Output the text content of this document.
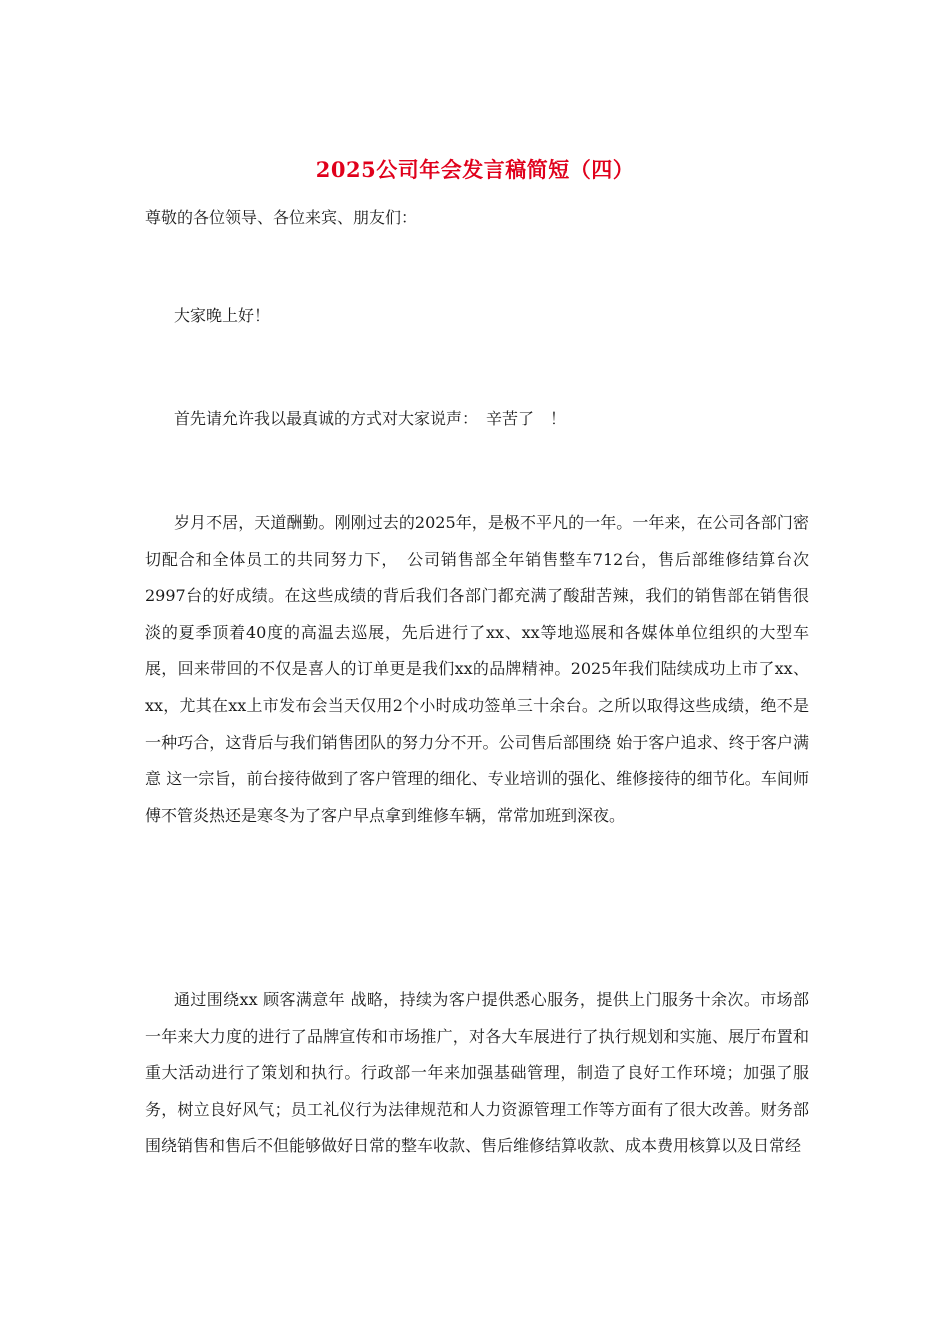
2025公司年会发言稿简短（四）

尊敬的各位领导、各位来宾、朋友们：

大家晚上好！

首先请允许我以最真诚的方式对大家说声：　辛苦了　！

岁月不居，天道酬勤。刚刚过去的2025年，是极不平凡的一年。一年来，在公司各部门密切配合和全体员工的共同努力下，　公司销售部全年销售整车712台，售后部维修结算台次2997台的好成绩。在这些成绩的背后我们各部门都充满了酸甜苦辣，我们的销售部在销售很淡的夏季顶着40度的高温去巡展，先后进行了xx、xx等地巡展和各媒体单位组织的大型车展，回来带回的不仅是喜人的订单更是我们xx的品牌精神。2025年我们陆续成功上市了xx、xx，尤其在xx上市发布会当天仅用2个小时成功签单三十余台。之所以取得这些成绩，绝不是一种巧合，这背后与我们销售团队的努力分不开。公司售后部围绕 始于客户追求、终于客户满意 这一宗旨，前台接待做到了客户管理的细化、专业培训的强化、维修接待的细节化。车间师傅不管炎热还是寒冬为了客户早点拿到维修车辆，常常加班到深夜。

通过围绕xx 顾客满意年 战略，持续为客户提供悉心服务，提供上门服务十余次。市场部一年来大力度的进行了品牌宣传和市场推广，对各大车展进行了执行规划和实施、展厅布置和重大活动进行了策划和执行。行政部一年来加强基础管理，制造了良好工作环境；加强了服务，树立良好风气；员工礼仪行为法律规范和人力资源管理工作等方面有了很大改善。财务部围绕销售和售后不但能够做好日常的整车收款、售后维修结算收款、成本费用核算以及日常经
